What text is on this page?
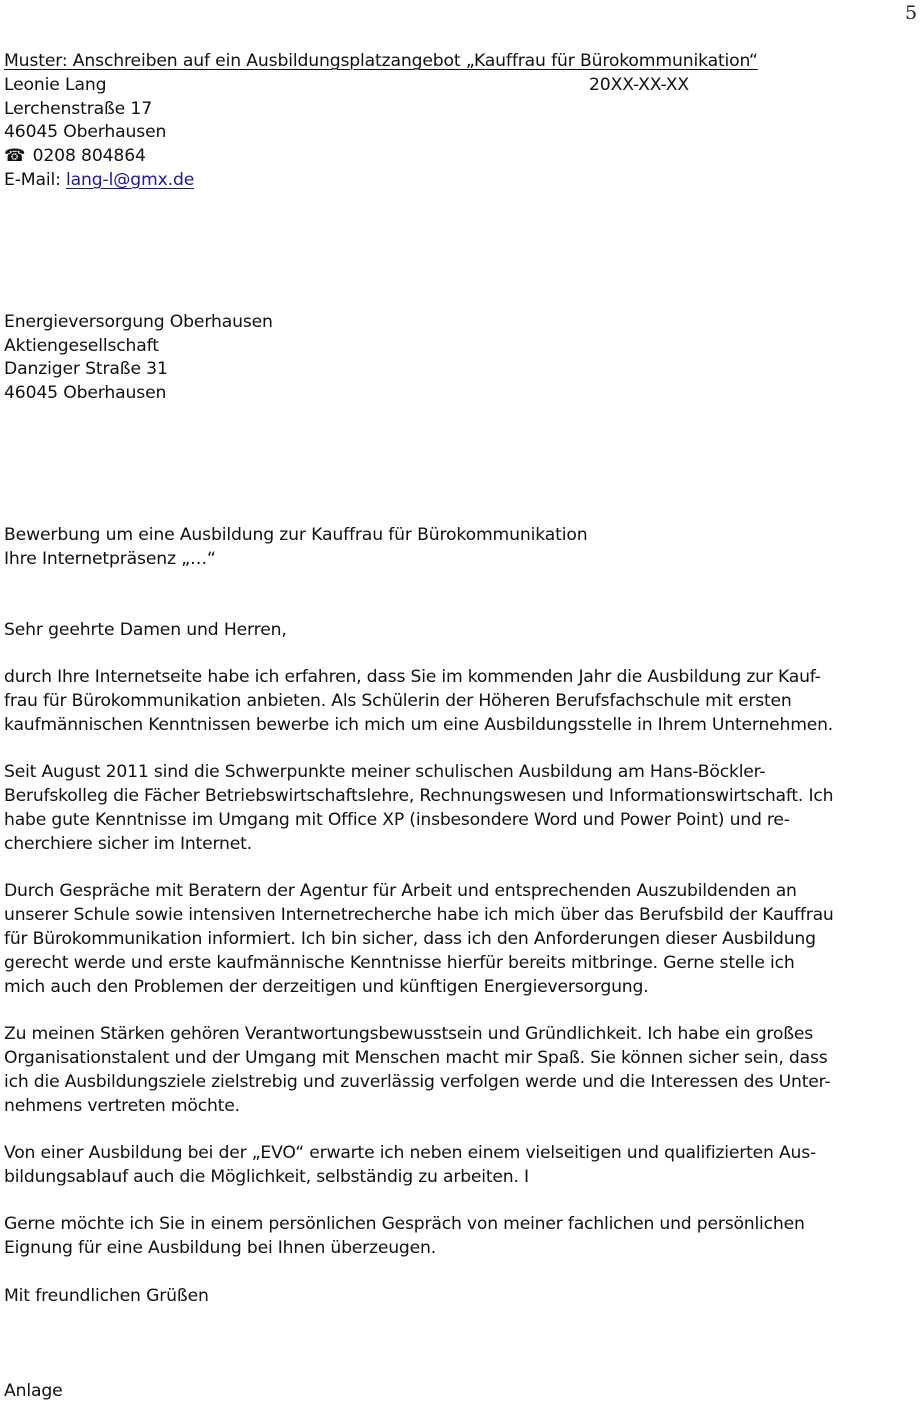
5
Muster: Anschreiben auf ein Ausbildungsplatzangebot „Kauffrau für Bürokommunikation“
Leonie Lang	20XX-XX-XX
Lerchenstraße 17
46045 Oberhausen
☎ 0208 804864
E-Mail: lang-l@gmx.de
Energieversorgung Oberhausen
Aktiengesellschaft
Danziger Straße 31
46045 Oberhausen
Bewerbung um eine Ausbildung zur Kauffrau für Bürokommunikation
Ihre Internetpräsenz „…“
Sehr geehrte Damen und Herren,
durch Ihre Internetseite habe ich erfahren, dass Sie im kommenden Jahr die Ausbildung zur Kauf-
frau für Bürokommunikation anbieten. Als Schülerin der Höheren Berufsfachschule mit ersten
kaufmännischen Kenntnissen bewerbe ich mich um eine Ausbildungsstelle in Ihrem Unternehmen.
Seit August 2011 sind die Schwerpunkte meiner schulischen Ausbildung am Hans-Böckler-
Berufskolleg die Fächer Betriebswirtschaftslehre, Rechnungswesen und Informationswirtschaft. Ich
habe gute Kenntnisse im Umgang mit Office XP (insbesondere Word und Power Point) und re-
cherchiere sicher im Internet.
Durch Gespräche mit Beratern der Agentur für Arbeit und entsprechenden Auszubildenden an
unserer Schule sowie intensiven Internetrecherche habe ich mich über das Berufsbild der Kauffrau
für Bürokommunikation informiert. Ich bin sicher, dass ich den Anforderungen dieser Ausbildung
gerecht werde und erste kaufmännische Kenntnisse hierfür bereits mitbringe. Gerne stelle ich
mich auch den Problemen der derzeitigen und künftigen Energieversorgung.
Zu meinen Stärken gehören Verantwortungsbewusstsein und Gründlichkeit. Ich habe ein großes
Organisationstalent und der Umgang mit Menschen macht mir Spaß. Sie können sicher sein, dass
ich die Ausbildungsziele zielstrebig und zuverlässig verfolgen werde und die Interessen des Unter-
nehmens vertreten möchte.
Von einer Ausbildung bei der „EVO“ erwarte ich neben einem vielseitigen und qualifizierten Aus-
bildungsablauf auch die Möglichkeit, selbständig zu arbeiten. I
Gerne möchte ich Sie in einem persönlichen Gespräch von meiner fachlichen und persönlichen
Eignung für eine Ausbildung bei Ihnen überzeugen.
Mit freundlichen Grüßen
Anlage
